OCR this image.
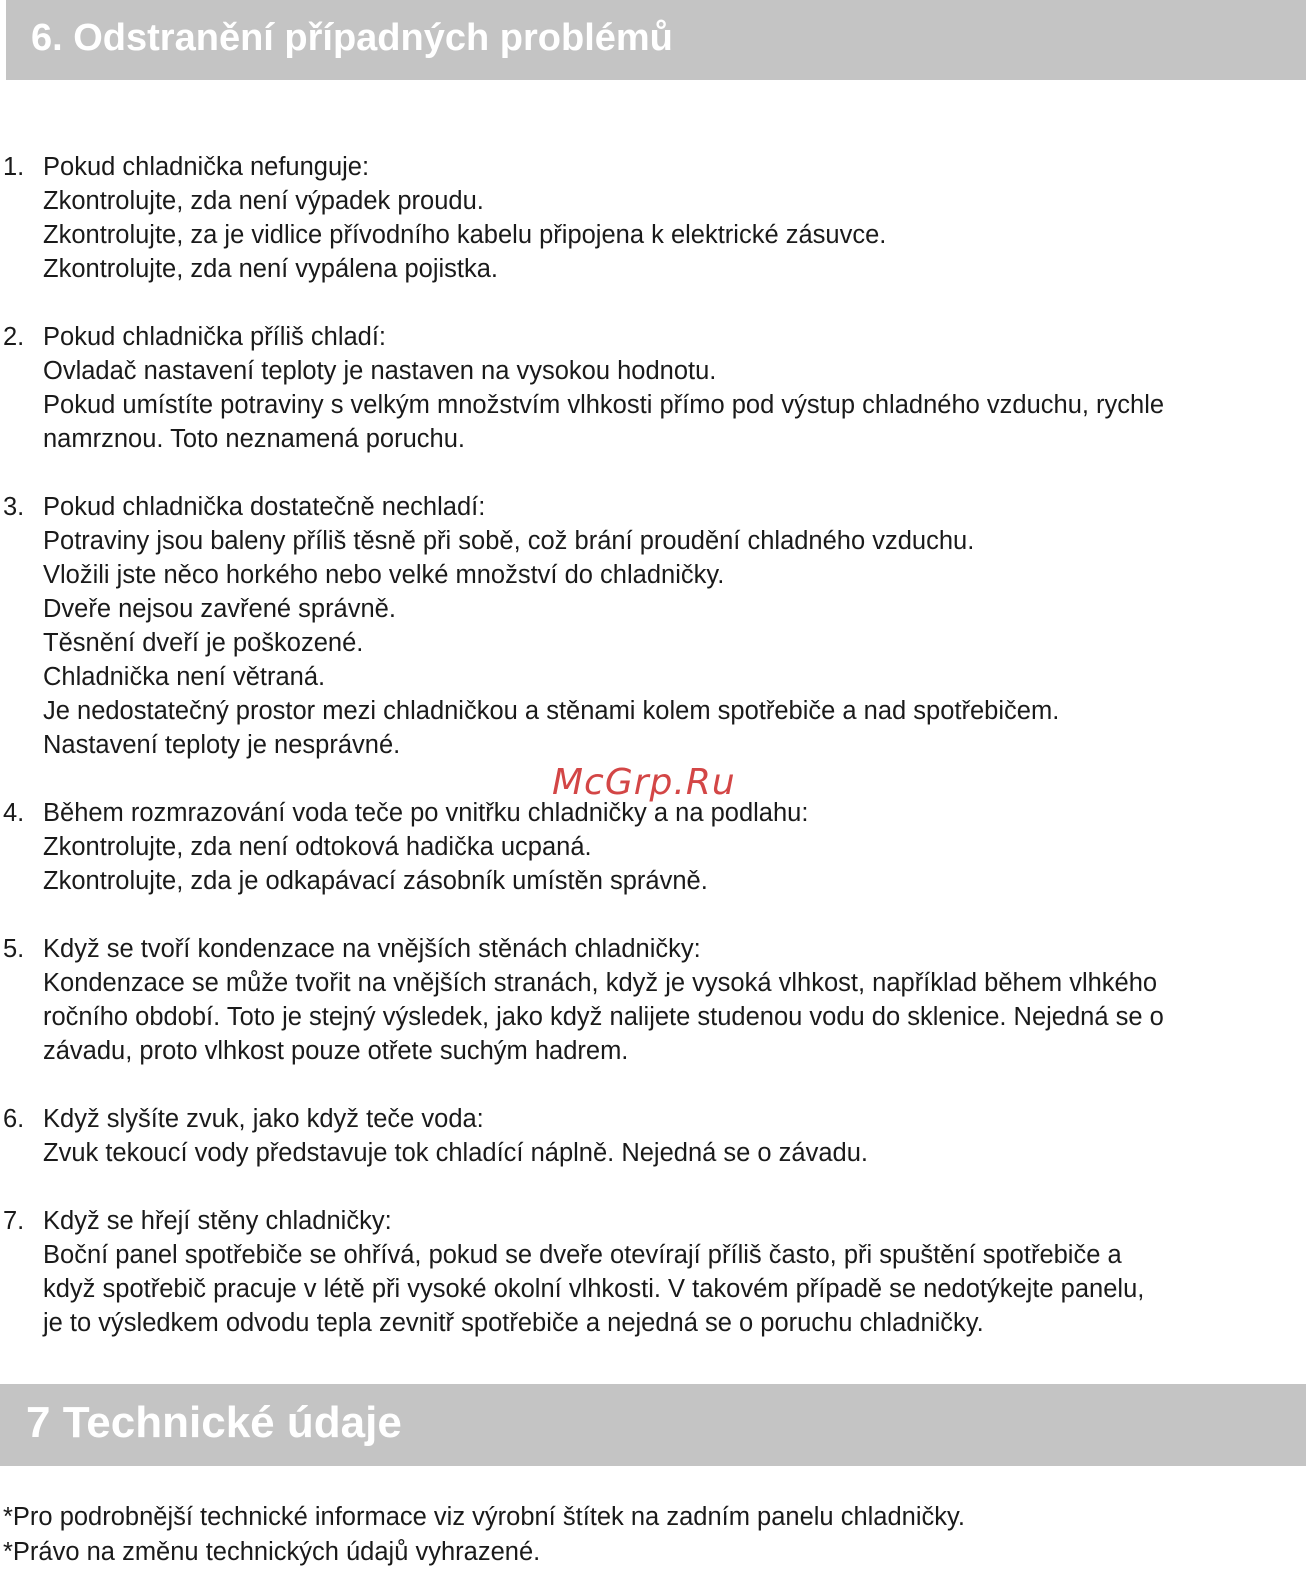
6. Odstranění případných problémů
1. Pokud chladnička nefunguje:
Zkontrolujte, zda není výpadek proudu.
Zkontrolujte, za je vidlice přívodního kabelu připojena k elektrické zásuvce.
Zkontrolujte, zda není vypálena pojistka.
2. Pokud chladnička příliš chladí:
Ovladač nastavení teploty je nastaven na vysokou hodnotu.
Pokud umístíte potraviny s velkým množstvím vlhkosti přímo pod výstup chladného vzduchu, rychle
namrznou. Toto neznamená poruchu.
3. Pokud chladnička dostatečně nechladí:
Potraviny jsou baleny příliš těsně při sobě, což brání proudění chladného vzduchu.
Vložili jste něco horkého nebo velké množství do chladničky.
Dveře nejsou zavřené správně.
Těsnění dveří je poškozené.
Chladnička není větraná.
Je nedostatečný prostor mezi chladničkou a stěnami kolem spotřebiče a nad spotřebičem.
Nastavení teploty je nesprávné.
4. Během rozmrazování voda teče po vnitřku chladničky a na podlahu:
Zkontrolujte, zda není odtoková hadička ucpaná.
Zkontrolujte, zda je odkapávací zásobník umístěn správně.
5. Když se tvoří kondenzace na vnějších stěnách chladničky:
Kondenzace se může tvořit na vnějších stranách, když je vysoká vlhkost, například během vlhkého
ročního období. Toto je stejný výsledek, jako když nalijete studenou vodu do sklenice. Nejedná se o
závadu, proto vlhkost pouze otřete suchým hadrem.
6. Když slyšíte zvuk, jako když teče voda:
Zvuk tekoucí vody představuje tok chladící náplně. Nejedná se o závadu.
7. Když se hřejí stěny chladničky:
Boční panel spotřebiče se ohřívá, pokud se dveře otevírají příliš často, při spuštění spotřebiče a
když spotřebič pracuje v létě při vysoké okolní vlhkosti. V takovém případě se nedotýkejte panelu,
je to výsledkem odvodu tepla zevnitř spotřebiče a nejedná se o poruchu chladničky.
McGrp.Ru
7 Technické údaje
*Pro podrobnější technické informace viz výrobní štítek na zadním panelu chladničky.
*Právo na změnu technických údajů vyhrazené.
